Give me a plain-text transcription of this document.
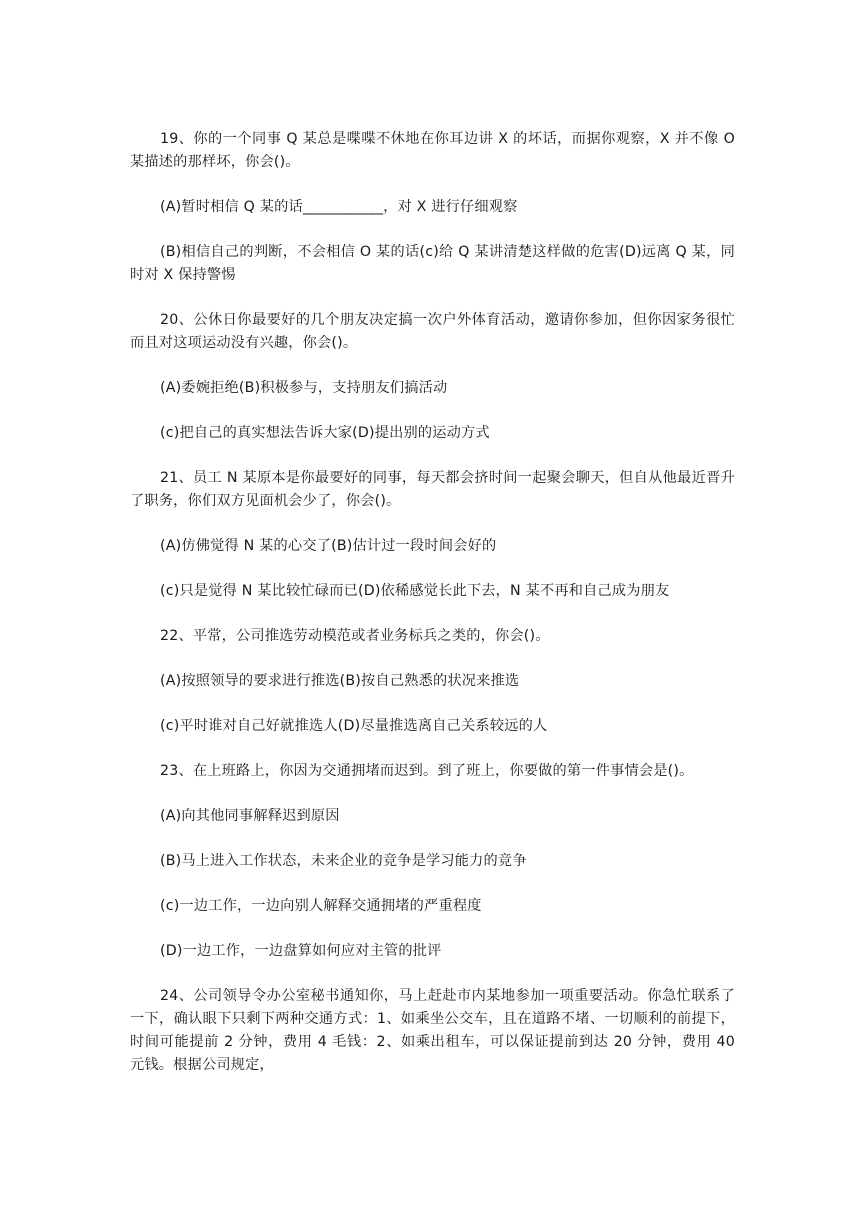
19、你的一个同事 Q 某总是喋喋不休地在你耳边讲 X 的坏话，而据你观察，X 并不像 O 某描述的那样坏，你会()。

(A)暂时相信 Q 某的话___________，对 X 进行仔细观察

(B)相信自己的判断，不会相信 O 某的话(c)给 Q 某讲清楚这样做的危害(D)远离 Q 某，同时对 X 保持警惕

20、公休日你最要好的几个朋友决定搞一次户外体育活动，邀请你参加，但你因家务很忙而且对这项运动没有兴趣，你会()。

(A)委婉拒绝(B)积极参与，支持朋友们搞活动

(c)把自己的真实想法告诉大家(D)提出别的运动方式

21、员工 N 某原本是你最要好的同事，每天都会挤时间一起聚会聊天，但自从他最近晋升了职务，你们双方见面机会少了，你会()。

(A)仿佛觉得 N 某的心交了(B)估计过一段时间会好的

(c)只是觉得 N 某比较忙碌而已(D)依稀感觉长此下去，N 某不再和自己成为朋友

22、平常，公司推选劳动模范或者业务标兵之类的，你会()。

(A)按照领导的要求进行推选(B)按自己熟悉的状况来推选

(c)平时谁对自己好就推选人(D)尽量推选离自己关系较远的人

23、在上班路上，你因为交通拥堵而迟到。到了班上，你要做的第一件事情会是()。

(A)向其他同事解释迟到原因

(B)马上进入工作状态，未来企业的竞争是学习能力的竞争

(c)一边工作，一边向别人解释交通拥堵的严重程度

(D)一边工作，一边盘算如何应对主管的批评

24、公司领导令办公室秘书通知你，马上赶赴市内某地参加一项重要活动。你急忙联系了一下，确认眼下只剩下两种交通方式：1、如乘坐公交车，且在道路不堵、一切顺利的前提下，时间可能提前 2 分钟，费用 4 毛钱：2、如乘出租车，可以保证提前到达 20 分钟，费用 40 元钱。根据公司规定，
